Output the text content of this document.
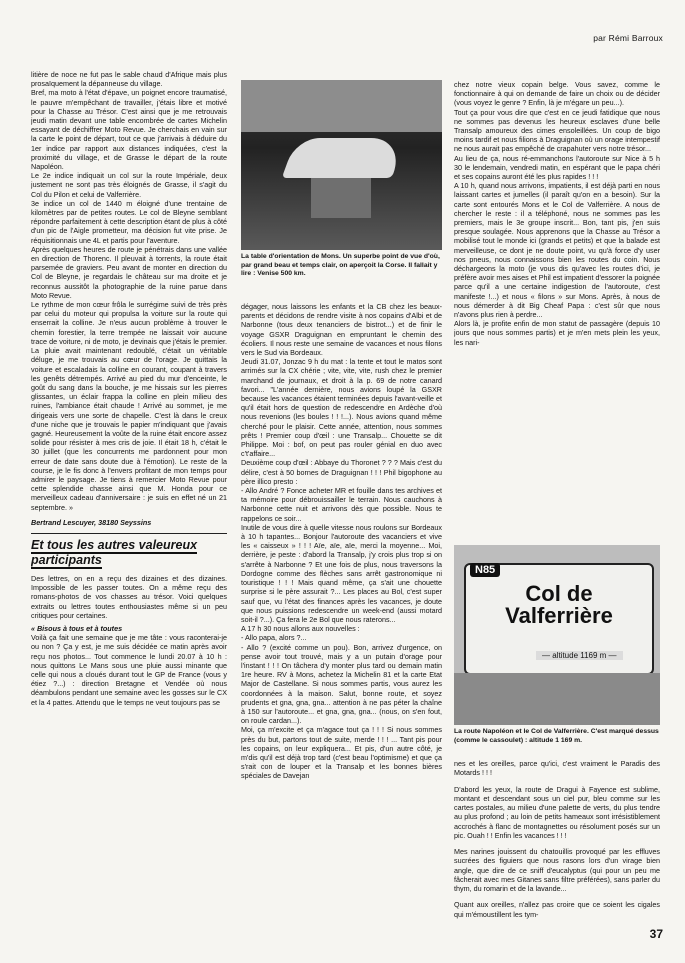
par Rémi Barroux

litière de noce ne fut pas le sable chaud d'Afrique mais plus prosaïquement la dépanneuse du village.

Bref, ma moto à l'état d'épave, un poignet encore traumatisé, le pauvre m'empêchant de travailler, j'étais libre et motivé pour la Chasse au Trésor. C'est ainsi que je me retrouvais jeudi matin devant une table encombrée de cartes Michelin essayant de déchiffrer Moto Revue. Je cherchais en vain sur la carte le point de départ, tout ce que j'arrivais à déduire du 1er indice par rapport aux distances indiquées, c'est la proximité du village, et de Grasse le départ de la route Napoléon.

Le 2e indice indiquait un col sur la route Impériale, deux justement ne sont pas très éloignés de Grasse, il s'agit du Col du Pilon et celui de Valferrière.

3e indice un col de 1440 m éloigné d'une trentaine de kilomètres par de petites routes. Le col de Bleyne semblant répondre parfaitement à cette description étant de plus à côté d'un pic de l'Aigle prometteur, ma décision fut vite prise. Je réquisitionnais une 4L et partis pour l'aventure.

Après quelques heures de route je pénétrais dans une vallée en direction de Thorenc. Il pleuvait à torrents, la route était parsemée de graviers. Peu avant de monter en direction du Col de Bleyne, je regardais le château sur ma droite et je reconnus aussitôt la photographie de la ruine parue dans Moto Revue.

Le rythme de mon cœur frôla le surrégime suivi de très près par celui du moteur qui propulsa la voiture sur la route qui enserrait la colline. Je n'eus aucun problème à trouver le chemin forestier, la terre trempée ne laissait voir aucune trace de voiture, ni de moto, je devinais que j'étais le premier. La pluie avait maintenant redoublé, c'était un véritable déluge, je me trouvais au cœur de l'orage. Je quittais la voiture et escaladais la colline en courant, coupant à travers les genêts détrempés. Arrivé au pied du mur d'enceinte, le goût du sang dans la bouche, je me hissais sur les pierres glissantes, un éclair frappa la colline en plein milieu des ruines, l'ambiance était chaude ! Arrivé au sommet, je me dirigeais vers une sorte de chapelle. C'est là dans le creux d'une niche que je trouvais le papier m'indiquant que j'avais gagné. Heureusement la voûte de la ruine était encore assez solide pour résister à mes cris de joie. Il était 18 h, c'était le 30 juillet (que les concurrents me pardonnent pour mon erreur de date sans doute due à l'émotion). Le reste de la course, je le fis donc à l'envers profitant de mon temps pour admirer le paysage. Je tiens à remercier Moto Revue pour cette splendide chasse ainsi que M. Honda pour ce merveilleux cadeau d'anniversaire : je suis en effet né un 21 septembre. »

Bertrand Lescuyer, 38180 Seyssins

Et tous les autres valeureux participants

Des lettres, on en a reçu des dizaines et des dizaines. Impossible de les passer toutes. On a même reçu des romans-photos de vos chasses au trésor. Voici quelques extraits ou lettres toutes enthousiastes même si un peu critiques pour certaines.

« Bisous à tous et à toutes

Voilà ça fait une semaine que je me tâte : vous raconterai-je ou non ? Ça y est, je me suis décidée ce matin après avoir reçu nos photos... Tout commence le lundi 20.07 à 10 h : nous quittons Le Mans sous une pluie aussi minante que celle qui nous a cloués durant tout le GP de France (vous y étiez ?...) : direction Bretagne et Vendée où nous déambulons pendant une semaine avec les gosses sur le CX et la 4 pattes. Attendu que le temps ne veut toujours pas se

La table d'orientation de Mons. Un superbe point de vue d'où, par grand beau et temps clair, on aperçoit la Corse. Il fallait y lire : Venise 500 km.

dégager, nous laissons les enfants et la CB chez les beaux-parents et décidons de rendre visite à nos copains d'Albi et de Narbonne (tous deux tenanciers de bistrot...) et de finir le voyage GSXR Draguignan en empruntant le chemin des écoliers. Il nous reste une semaine de vacances et nous filons vers le Sud via Bordeaux.

Jeudi 31.07, Jonzac 9 h du mat : la tente et tout le matos sont arrimés sur la CX chérie ; vite, vite, vite, rush chez le premier marchand de journaux, et droit à la p. 69 de notre canard favori... "L'année dernière, nous avions loupé la GSXR because les vacances étaient terminées depuis l'avant-veille et qu'il était hors de question de redescendre en Ardèche d'où nous revenions (les boules ! ! !...). Nous avions quand même cherché pour le plaisir. Cette année, attention, nous sommes prêts ! Premier coup d'œil : une Transalp... Chouette se dit Philippe. Moi : bof, on peut pas rouler génial en duo avec c't'affaire...

Deuxième coup d'œil : Abbaye du Thoronet ? ? ? Mais c'est du délire, c'est à 50 bornes de Draguignan ! ! ! Phil bigophone au père illico presto :

- Allo André ? Fonce acheter MR et fouille dans tes archives et ta mémoire pour débrouissailler le terrain. Nous cauchons à Narbonne cette nuit et arrivons dès que possible. Nous te rappelons ce soir...

Inutile de vous dire à quelle vitesse nous roulons sur Bordeaux à 10 h tapantes... Bonjour l'autoroute des vacanciers et vive les « caisseux » ! ! ! Aïe, aïe, aïe, merci la moyenne... Moi, derrière, je peste : d'abord la Transalp, j'y crois plus trop si on s'arrête à Narbonne ? Et une fois de plus, nous traversons la Dordogne comme des flèches sans arrêt gastronomique ni touristique ! ! ! Mais quand même, ça s'ait une chouette surprise si le père assurait ?... Les places au Bol, c'est super sauf que, vu l'état des finances après les vacances, je doute que nous puissions redescendre un week-end (aussi motard soit-il ?...). Ça fera le 2e Bol que nous raterons...

A 17 h 30 nous allons aux nouvelles :

- Allo papa, alors ?...

- Allo ? (excité comme un pou). Bon, arrivez d'urgence, on pense avoir tout trouvé, mais y a un putain d'orage pour l'instant ! ! ! On tâchera d'y monter plus tard ou demain matin 1re heure. RV à Mons, achetez la Michelin 81 et la carte Etat Major de Castellane. Si nous sommes partis, vous aurez les coordonnées à la maison. Salut, bonne route, et soyez prudents et gna, gna, gna... attention à ne pas péter la chaîne à 150 sur l'autoroute... et gna, gna, gna... (nous, on s'en fout, on roule cardan...).

Moi, ça m'excite et ça m'agace tout ça ! ! ! Si nous sommes près du but, partons tout de suite, merde ! ! ! ... Tant pis pour les copains, on leur expliquera... Et pis, d'un autre côté, je m'dis qu'il est déjà trop tard (c'est beau l'optimisme) et que ça s'rait con de louper et la Transalp et les bonnes bières spéciales de Davejan

chez notre vieux copain belge. Vous savez, comme le fonctionnaire à qui on demande de faire un choix ou de décider (vous voyez le genre ? Enfin, là je m'égare un peu...).

Tout ça pour vous dire que c'est en ce jeudi fatidique que nous ne sommes pas devenus les heureux esclaves d'une belle Transalp amoureux des cimes ensoleillées. Un coup de bigo moins tardif et nous filions à Draguignan où un orage intempestif ne nous aurait pas empêché de crapahuter vers notre trésor...

Au lieu de ça, nous ré-emmanchons l'autoroute sur Nice à 5 h 30 le lendemain, vendredi matin, en espérant que le papa chéri et ses copains auront été les plus rapides ! ! !

A 10 h, quand nous arrivons, impatients, il est déjà parti en nous laissant cartes et jumelles (il paraît qu'on en a besoin). Sur la carte sont entourés Mons et le Col de Valferrière. A nous de chercher le reste : il a téléphoné, nous ne sommes pas les premiers, mais le 3e groupe inscrit... Bon, tant pis, j'en suis presque soulagée. Nous apprenons que la Chasse au Trésor a mobilisé tout le monde ici (grands et petits) et que la balade est merveilleuse, ce dont je ne doute point, vu qu'à force d'y user nos pneus, nous connaissons bien les routes du coin. Nous déchargeons la moto (je vous dis qu'avec les routes d'ici, je préfère avoir mes aises et Phil est impatient d'essorer la poignée parce qu'il a une certaine indigestion de l'autoroute, c'est manifeste !...) et nous « filons » sur Mons. Après, à nous de nous démerder à dit Big Cheaf Papa : c'est sûr que nous n'avons plus rien à perdre...

Alors là, je profite enfin de mon statut de passagère (depuis 10 jours que nous sommes partis) et je m'en mets plein les yeux, les nari-

N85
Col de
Valferrière
— altitude 1169 m —
La route Napoléon et le Col de Valferrière. C'est marqué dessus (comme le cassoulet) : altitude 1 169 m.

nes et les oreilles, parce qu'ici, c'est vraiment le Paradis des Motards ! ! !

D'abord les yeux, la route de Dragui à Fayence est sublime, montant et descendant sous un ciel pur, bleu comme sur les cartes postales, au milieu d'une palette de verts, du plus tendre au plus profond ; au loin de petits hameaux sont irrésistiblement accrochés à flanc de montagnettes ou résolument posés sur un pic. Ouah ! ! Enfin les vacances ! ! !

Mes narines jouissent du chatouillis provoqué par les effluves sucrées des figuiers que nous rasons lors d'un virage bien angle, que dire de ce sniff d'eucalyptus (qui pour un peu me fâcherait avec mes Gitanes sans filtre préférées), sans parler du thym, du romarin et de la lavande...

Quant aux oreilles, n'allez pas croire que ce soient les cigales qui m'émoustillent les tym-

37
